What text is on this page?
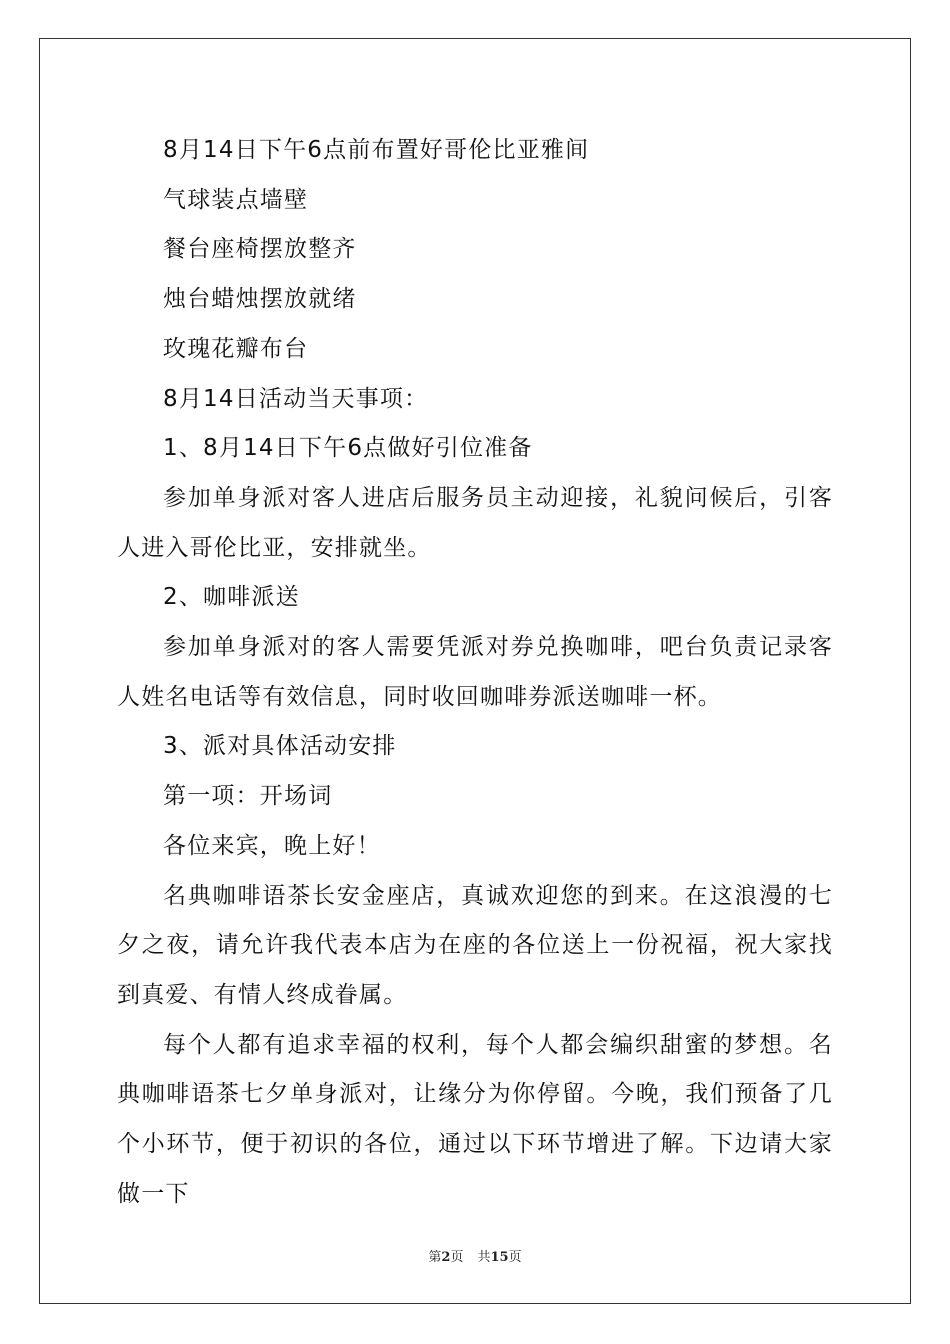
8月14日下午6点前布置好哥伦比亚雅间

气球装点墙壁

餐台座椅摆放整齐

烛台蜡烛摆放就绪

玫瑰花瓣布台

8月14日活动当天事项：

1、8月14日下午6点做好引位准备

参加单身派对客人进店后服务员主动迎接，礼貌问候后，引客人进入哥伦比亚，安排就坐。

2、咖啡派送

参加单身派对的客人需要凭派对券兑换咖啡，吧台负责记录客人姓名电话等有效信息，同时收回咖啡券派送咖啡一杯。

3、派对具体活动安排

第一项：开场词

各位来宾，晚上好！

名典咖啡语茶长安金座店，真诚欢迎您的到来。在这浪漫的七夕之夜，请允许我代表本店为在座的各位送上一份祝福，祝大家找到真爱、有情人终成眷属。

每个人都有追求幸福的权利，每个人都会编织甜蜜的梦想。名典咖啡语茶七夕单身派对，让缘分为你停留。今晚，我们预备了几个小环节，便于初识的各位，通过以下环节增进了解。下边请大家做一下

第2页 共15页
